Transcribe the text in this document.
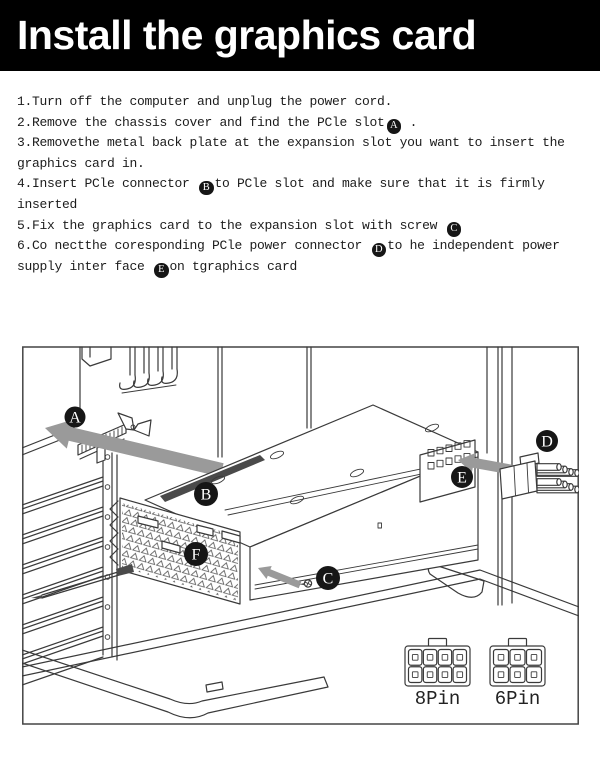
Install the graphics card
1.Turn off the computer and unplug the power cord.
2.Remove the chassis cover and find the PCle slot A .
3.Removethe metal back plate at the expansion slot you want to insert the
graphics card in.
4.Insert PCle connector B to PCle slot and make sure that it is firmly
inserted
5.Fix the graphics card to the expansion slot with screw C
6.Co nectthe coresponding PCle power connector D to he independent power
supply inter face E on tgraphics card
A
B
C
D
E
F
8Pin 6Pin
